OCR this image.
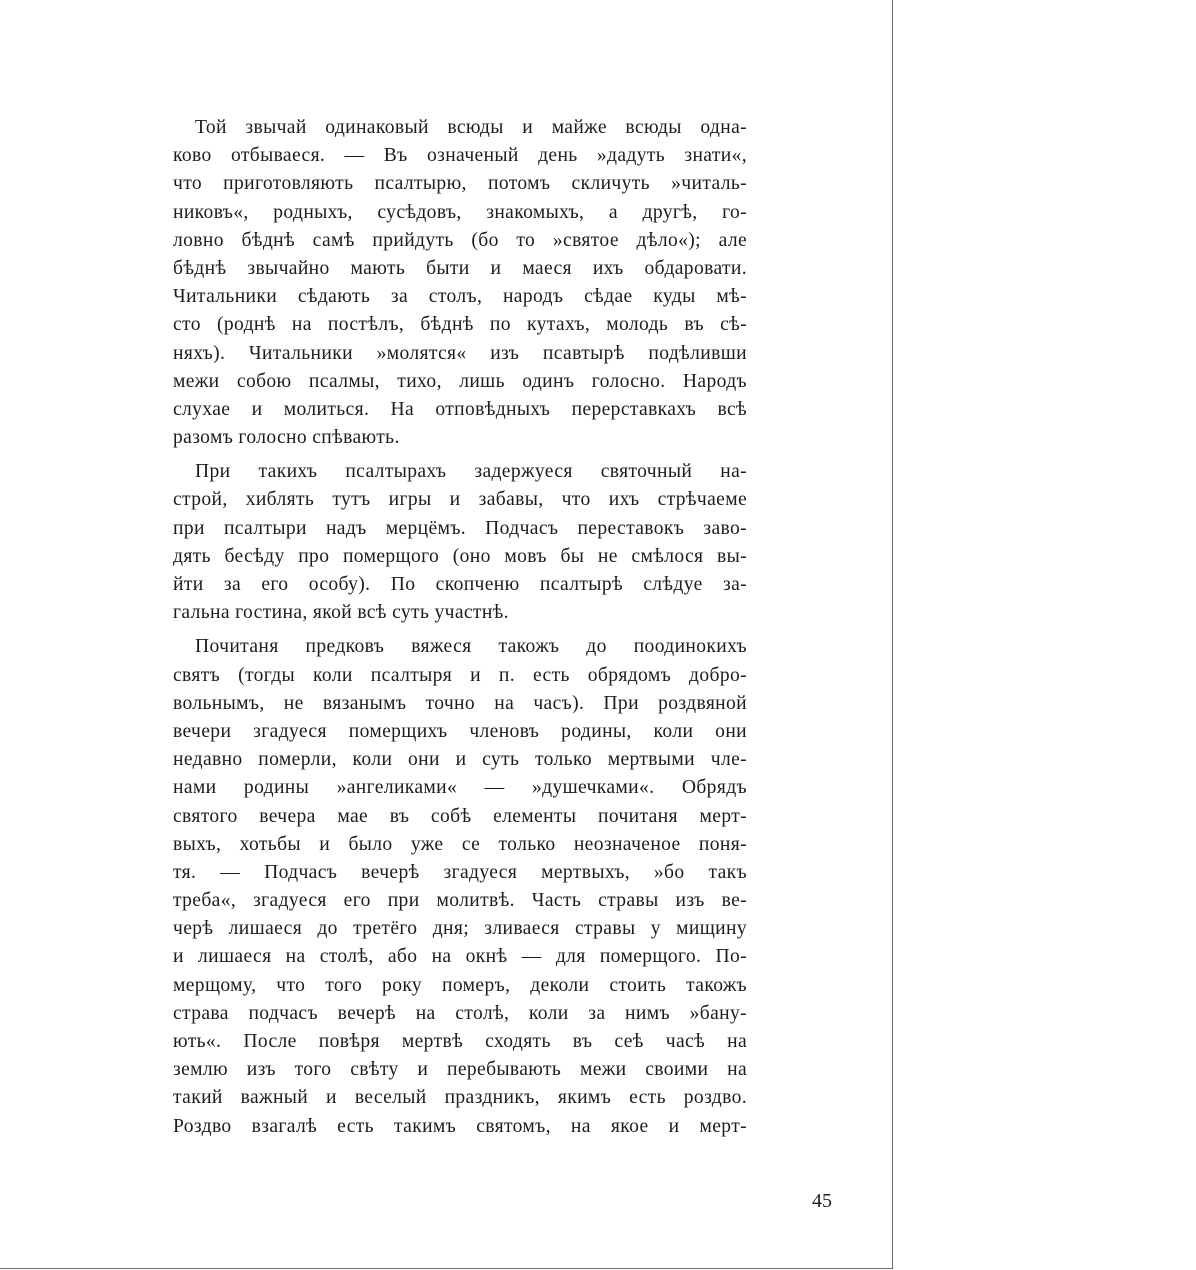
Той звычай одинаковый всюды и майже всюды одна-
ково отбываеся. — Въ означеный день »дадуть знати«,
что приготовляють псалтырю, потомъ скличуть »читаль-
никовъ«, родныхъ, сусѣдовъ, знакомыхъ, а другѣ, го-
ловно бѣднѣ самѣ прийдуть (бо то »святое дѣло«); але
бѣднѣ звычайно мають быти и маеся ихъ обдаровати.
Читальники сѣдають за столъ, народъ сѣдае куды мѣ-
сто (роднѣ на постѣлъ, бѣднѣ по кутахъ, молодь въ сѣ-
няхъ). Читальники »молятся« изъ псавтырѣ подѣливши
межи собою псалмы, тихо, лишь одинъ голосно. Народъ
слухае и молиться. На отповѣдныхъ перерставкахъ всѣ
разомъ голосно спѣвають.
При такихъ псалтырахъ задержуеся святочный на-
строй, хиблять тутъ игры и забавы, что ихъ стрѣчаеме
при псалтыри надъ мерцёмъ. Подчасъ переставокъ заво-
дять бесѣду про померщого (оно мовъ бы не смѣлося вы-
йти за его особу). По скопченю псалтырѣ слѣдуе за-
гальна гостина, якой всѣ суть участнѣ.
Почитаня предковъ вяжеся такожъ до поодинокихъ
святъ (тогды коли псалтыря и п. есть обрядомъ добро-
вольнымъ, не вязанымъ точно на часъ). При роздвяной
вечери згадуеся померщихъ членовъ родины, коли они
недавно померли, коли они и суть только мертвыми чле-
нами родины »ангеликами« — »душечками«. Обрядъ
святого вечера мае въ собѣ елементы почитаня мерт-
выхъ, хотьбы и было уже се только неозначеное поня-
тя. — Подчасъ вечерѣ згадуеся мертвыхъ, »бо такъ
треба«, згадуеся его при молитвѣ. Часть стравы изъ ве-
черѣ лишаеся до третёго дня; зливаеся стравы у мищину
и лишаеся на столѣ, або на окнѣ — для померщого. По-
мерщому, что того року померъ, деколи стоить такожъ
страва подчасъ вечерѣ на столѣ, коли за нимъ »бану-
ють«. После повѣря мертвѣ сходять въ сеѣ часѣ на
землю изъ того свѣту и перебывають межи своими на
такий важный и веселый праздникъ, якимъ есть роздво.
Роздво взагалѣ есть такимъ святомъ, на якое и мерт-
45
